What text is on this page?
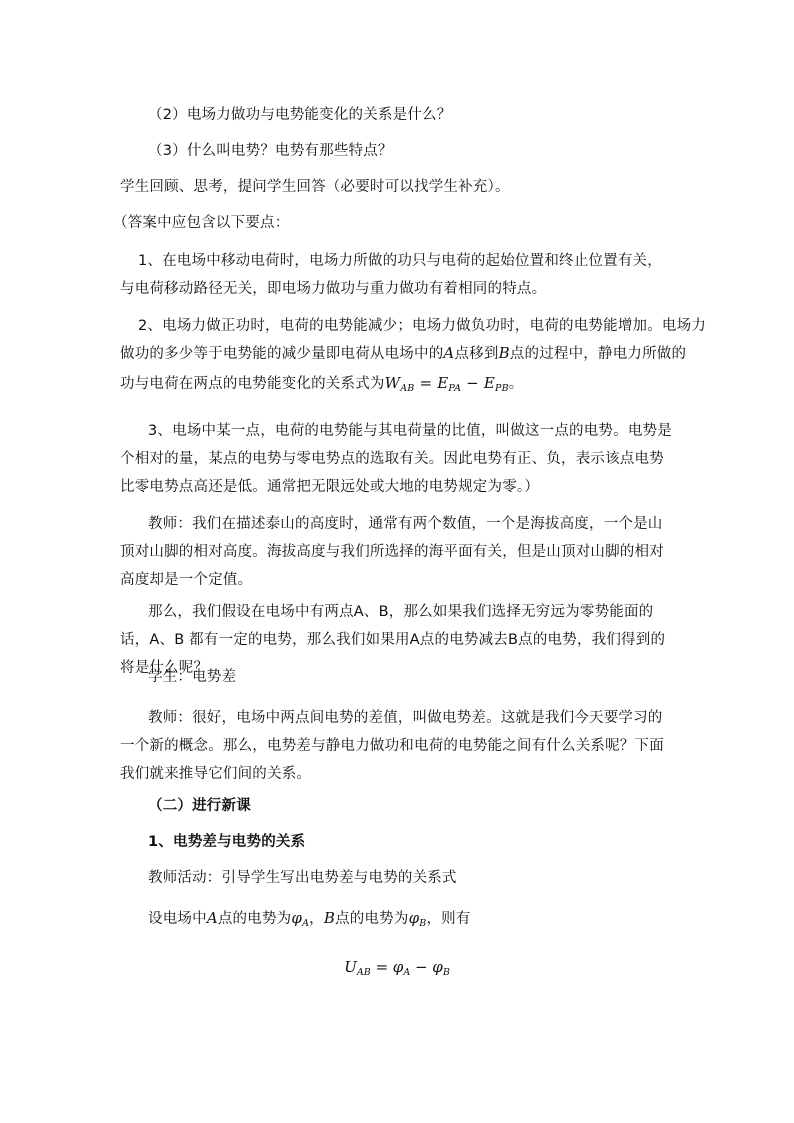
（2）电场力做功与电势能变化的关系是什么？
（3）什么叫电势？电势有那些特点？
学生回顾、思考，提问学生回答（必要时可以找学生补充）。
（答案中应包含以下要点：
1、在电场中移动电荷时，电场力所做的功只与电荷的起始位置和终止位置有关，与电荷移动路径无关，即电场力做功与重力做功有着相同的特点。
2、电场力做正功时，电荷的电势能减少；电场力做负功时，电荷的电势能增加。电场力
做功的多少等于电势能的减少量即电荷从电场中的A点移到B点的过程中，静电力所做的
功与电荷在两点的电势能变化的关系式为$W_{AB} = E_{PA} - E_{PB}$。
3、电场中某一点，电荷的电势能与其电荷量的比值，叫做这一点的电势。电势是个相对的量，某点的电势与零电势点的选取有关。因此电势有正、负，表示该点电势比零电势点高还是低。通常把无限远处或大地的电势规定为零。）
教师：我们在描述泰山的高度时，通常有两个数值，一个是海拔高度，一个是山顶对山脚的相对高度。海拔高度与我们所选择的海平面有关，但是山顶对山脚的相对高度却是一个定值。
那么，我们假设在电场中有两点A、B，那么如果我们选择无穷远为零势能面的话，A、B 都有一定的电势，那么我们如果用A点的电势减去B点的电势，我们得到的将是什么呢？
学生：电势差
教师：很好，电场中两点间电势的差值，叫做电势差。这就是我们今天要学习的一个新的概念。那么，电势差与静电力做功和电荷的电势能之间有什么关系呢？下面我们就来推导它们间的关系。
（二）进行新课
1、电势差与电势的关系
教师活动：引导学生写出电势差与电势的关系式
设电场中A点的电势为$\varphi_A$，B点的电势为$\varphi_B$，则有
$U_{AB} = \varphi_A - \varphi_B$
